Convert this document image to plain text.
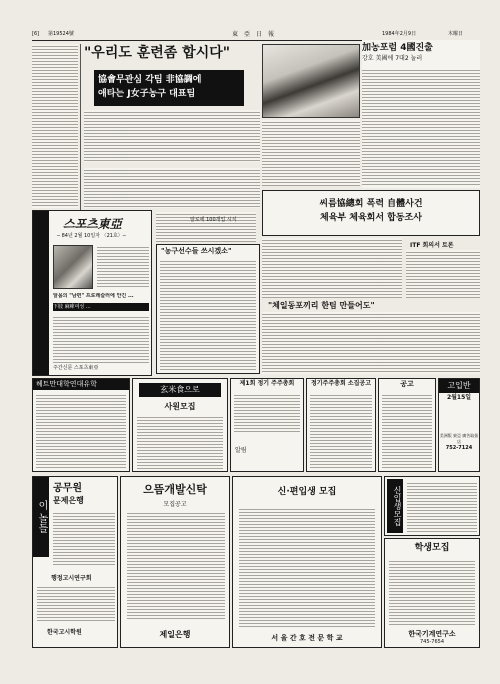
[6] 第19524號	東亞日報	1984年2月9日	木曜日
"우리도 훈련좀 합시다"
協會무관심 각팀 非協調에
애타는 J女子농구 대표팀
加농포럼 4國진출
강호 美國에 7대2 눌러
스포츠東亞
─ 84년 2월 10일자 〈21호〉─
알몸의 "남편" 프로레슬러에 안긴 ...
下肢 麻痺여성 ...
주간신문 스포츠東亞
알로에 100개입 시식
"농구선수들 쓰시겠소"
씨름協總회 폭력 自體사건
체육부 체육회서 합동조사
ITF 회의서 토론
"체일동포끼리 한팀 만들어도"
헤트만대학연대유학
玄米食으로
사원모집
제1회 정기 주주총회
알림
정기주주총회 소집공고	공고	고입반
2월15일
美洲版 東亞 廣告取扱店
752-7124
이 놀들
공무원
문제은행
행정고시연구회
한국고시학원
으뜸개발신탁
모집공고
제일은행
신·편입생 모집
서 울 간 호 전 문 학 교
신입생모집
학생모집
한국기계연구소
745-7654
